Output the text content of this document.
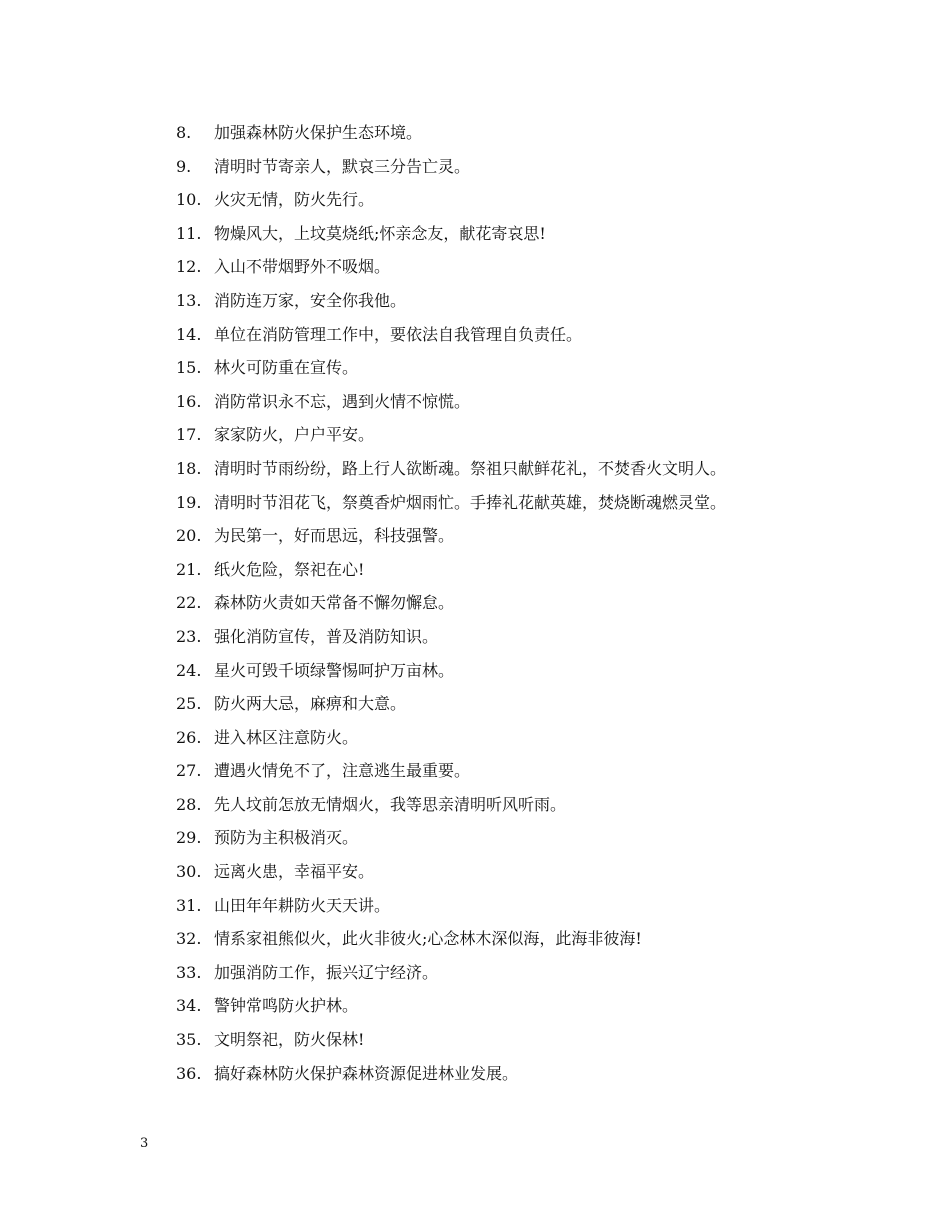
8.	加强森林防火保护生态环境。
9.	清明时节寄亲人，默哀三分告亡灵。
10. 火灾无情，防火先行。
11. 物燥风大，上坟莫烧纸;怀亲念友，献花寄哀思!
12. 入山不带烟野外不吸烟。
13. 消防连万家，安全你我他。
14. 单位在消防管理工作中，要依法自我管理自负责任。
15. 林火可防重在宣传。
16. 消防常识永不忘，遇到火情不惊慌。
17. 家家防火，户户平安。
18. 清明时节雨纷纷，路上行人欲断魂。祭祖只献鲜花礼，不焚香火文明人。
19. 清明时节泪花飞，祭奠香炉烟雨忙。手捧礼花献英雄，焚烧断魂燃灵堂。
20. 为民第一，好而思远，科技强警。
21. 纸火危险，祭祀在心!
22. 森林防火责如天常备不懈勿懈怠。
23. 强化消防宣传，普及消防知识。
24. 星火可毁千顷绿警惕呵护万亩林。
25. 防火两大忌，麻痹和大意。
26. 进入林区注意防火。
27. 遭遇火情免不了，注意逃生最重要。
28. 先人坟前怎放无情烟火，我等思亲清明听风听雨。
29. 预防为主积极消灭。
30. 远离火患，幸福平安。
31. 山田年年耕防火天天讲。
32. 情系家祖熊似火，此火非彼火;心念林木深似海，此海非彼海!
33. 加强消防工作，振兴辽宁经济。
34. 警钟常鸣防火护林。
35. 文明祭祀，防火保林!
36. 搞好森林防火保护森林资源促进林业发展。
3
